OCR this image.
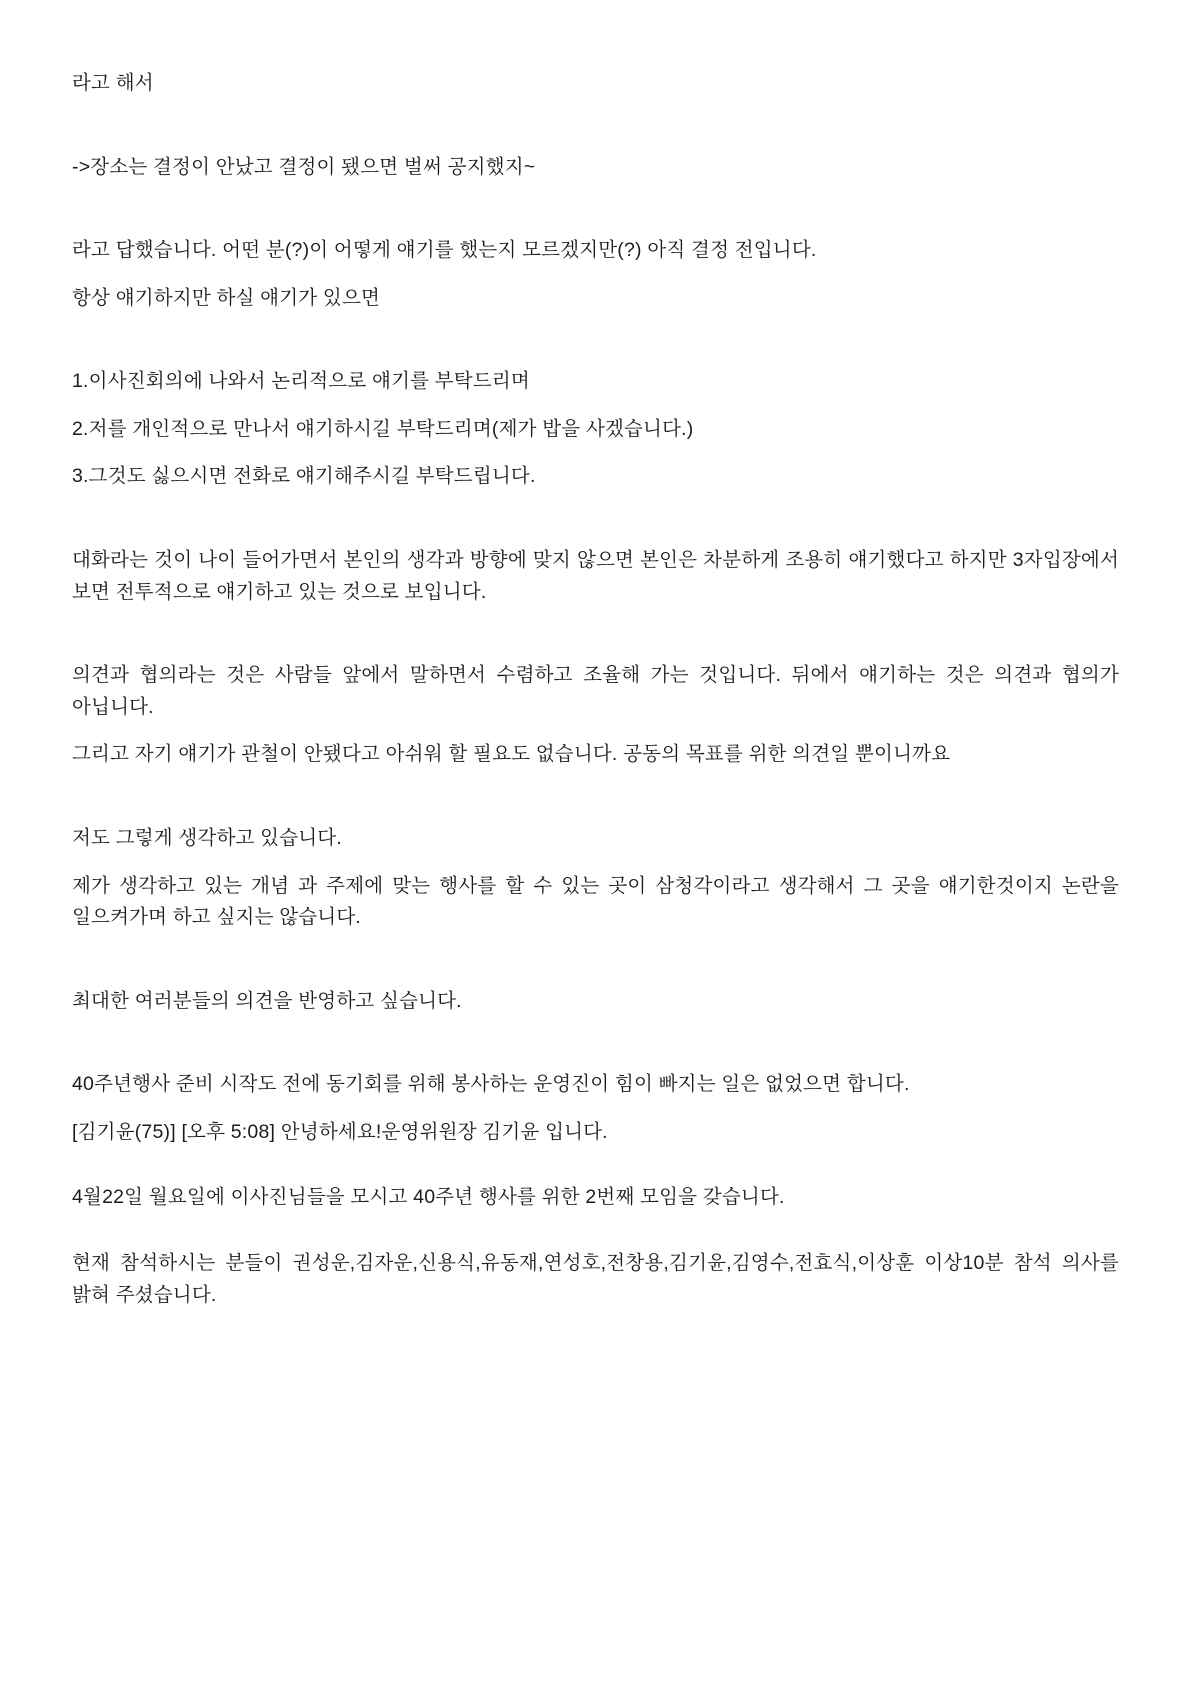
라고 해서

->장소는 결정이 안났고 결정이 됐으면 벌써 공지했지~

라고 답했습니다. 어떤 분(?)이 어떻게 얘기를 했는지 모르겠지만(?) 아직 결정 전입니다.

항상 얘기하지만 하실 얘기가 있으면

1.이사진회의에 나와서 논리적으로 얘기를 부탁드리며

2.저를 개인적으로 만나서 얘기하시길 부탁드리며(제가 밥을 사겠습니다.)

3.그것도 싫으시면 전화로 얘기해주시길 부탁드립니다.

대화라는 것이 나이 들어가면서 본인의 생각과 방향에 맞지 않으면 본인은 차분하게 조용히 얘기했다고 하지만 3자입장에서 보면 전투적으로 얘기하고 있는 것으로 보입니다.

의견과 협의라는 것은 사람들 앞에서 말하면서 수렴하고 조율해 가는 것입니다. 뒤에서 얘기하는 것은 의견과 협의가 아닙니다.

그리고 자기 얘기가 관철이 안됐다고 아쉬워 할 필요도 없습니다. 공동의 목표를 위한 의견일 뿐이니까요

저도 그렇게 생각하고 있습니다.

제가 생각하고 있는 개념 과 주제에 맞는 행사를 할 수 있는 곳이 삼청각이라고 생각해서 그 곳을 얘기한것이지 논란을 일으켜가며 하고 싶지는 않습니다.

최대한 여러분들의 의견을 반영하고 싶습니다.

40주년행사 준비 시작도 전에 동기회를 위해 봉사하는 운영진이 힘이 빠지는 일은 없었으면 합니다.

[김기윤(75)] [오후 5:08] 안녕하세요!운영위원장 김기윤 입니다.

4월22일 월요일에 이사진님들을 모시고 40주년 행사를 위한 2번째 모임을 갖습니다.

현재 참석하시는 분들이 권성운,김자운,신용식,유동재,연성호,전창용,김기윤,김영수,전효식,이상훈 이상10분 참석 의사를 밝혀 주셨습니다.
